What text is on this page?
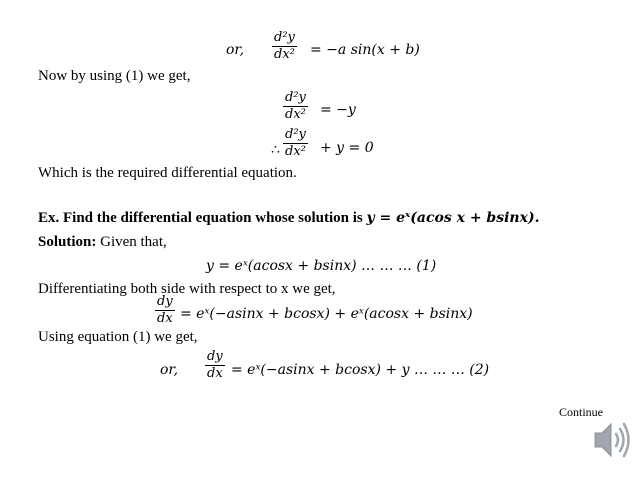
or,
d²y
dx² = −a sin(x + b)
Now by using (1) we get,
d²y
dx² = −y
∴
d²y
dx² + y = 0
Which is the required differential equation.
Ex. Find the differential equation whose solution is y = eˣ(acos x + bsinx).
Solution: Given that,
y = eˣ(acosx + bsinx) … … … (1)
Differentiating both side with respect to x we get,
dy
dx = eˣ(−asinx + bcosx) + eˣ(acosx + bsinx)
Using equation (1) we get,
or,
dy
dx = eˣ(−asinx + bcosx) + y … … … (2)
Continue
